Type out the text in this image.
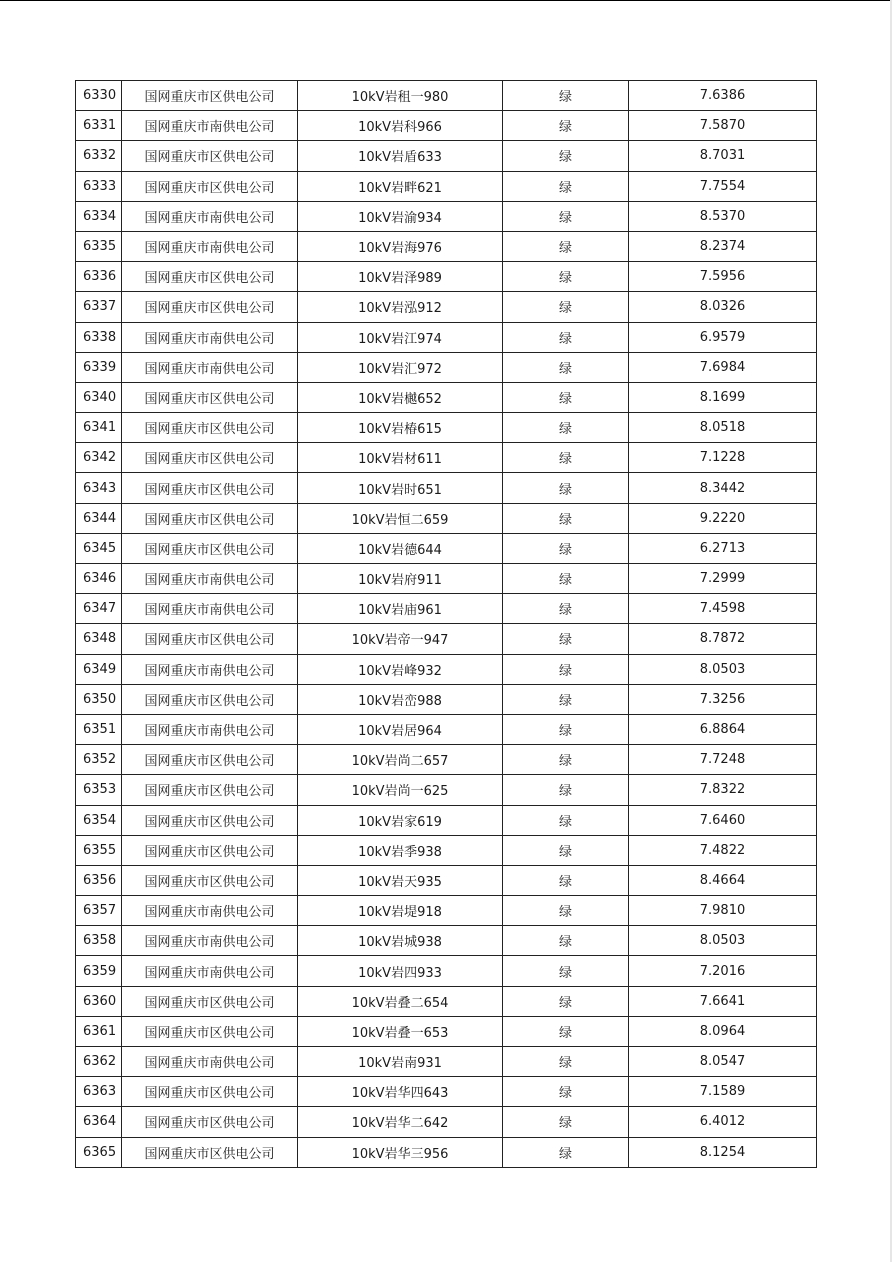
6330	国网重庆市区供电公司	10kV岩租一980	绿	7.6386
6331	国网重庆市南供电公司	10kV岩科966	绿	7.5870
6332	国网重庆市区供电公司	10kV岩盾633	绿	8.7031
6333	国网重庆市区供电公司	10kV岩畔621	绿	7.7554
6334	国网重庆市南供电公司	10kV岩渝934	绿	8.5370
6335	国网重庆市南供电公司	10kV岩海976	绿	8.2374
6336	国网重庆市区供电公司	10kV岩泽989	绿	7.5956
6337	国网重庆市区供电公司	10kV岩泓912	绿	8.0326
6338	国网重庆市南供电公司	10kV岩江974	绿	6.9579
6339	国网重庆市南供电公司	10kV岩汇972	绿	7.6984
6340	国网重庆市区供电公司	10kV岩樾652	绿	8.1699
6341	国网重庆市区供电公司	10kV岩椿615	绿	8.0518
6342	国网重庆市区供电公司	10kV岩材611	绿	7.1228
6343	国网重庆市区供电公司	10kV岩时651	绿	8.3442
6344	国网重庆市区供电公司	10kV岩恒二659	绿	9.2220
6345	国网重庆市区供电公司	10kV岩德644	绿	6.2713
6346	国网重庆市南供电公司	10kV岩府911	绿	7.2999
6347	国网重庆市南供电公司	10kV岩庙961	绿	7.4598
6348	国网重庆市区供电公司	10kV岩帝一947	绿	8.7872
6349	国网重庆市南供电公司	10kV岩峰932	绿	8.0503
6350	国网重庆市区供电公司	10kV岩峦988	绿	7.3256
6351	国网重庆市南供电公司	10kV岩居964	绿	6.8864
6352	国网重庆市区供电公司	10kV岩尚二657	绿	7.7248
6353	国网重庆市区供电公司	10kV岩尚一625	绿	7.8322
6354	国网重庆市区供电公司	10kV岩家619	绿	7.6460
6355	国网重庆市区供电公司	10kV岩季938	绿	7.4822
6356	国网重庆市区供电公司	10kV岩天935	绿	8.4664
6357	国网重庆市南供电公司	10kV岩堤918	绿	7.9810
6358	国网重庆市南供电公司	10kV岩城938	绿	8.0503
6359	国网重庆市南供电公司	10kV岩四933	绿	7.2016
6360	国网重庆市区供电公司	10kV岩叠二654	绿	7.6641
6361	国网重庆市区供电公司	10kV岩叠一653	绿	8.0964
6362	国网重庆市南供电公司	10kV岩南931	绿	8.0547
6363	国网重庆市区供电公司	10kV岩华四643	绿	7.1589
6364	国网重庆市区供电公司	10kV岩华二642	绿	6.4012
6365	国网重庆市区供电公司	10kV岩华三956	绿	8.1254
